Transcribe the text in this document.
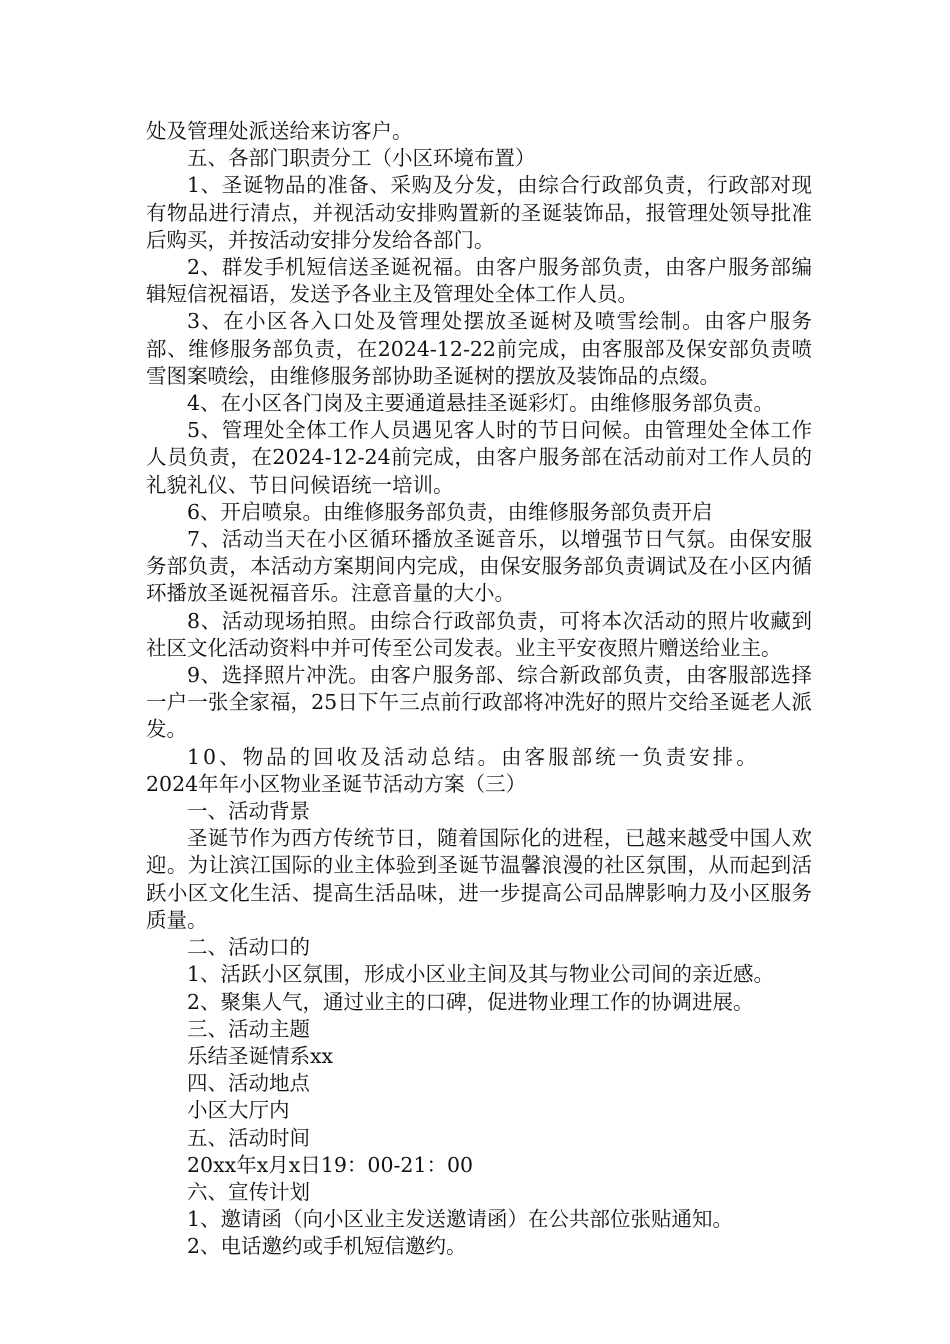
处及管理处派送给来访客户。

五、各部门职责分工（小区环境布置）

1、圣诞物品的准备、采购及分发，由综合行政部负责，行政部对现有物品进行清点，并视活动安排购置新的圣诞装饰品，报管理处领导批准后购买，并按活动安排分发给各部门。

2、群发手机短信送圣诞祝福。由客户服务部负责，由客户服务部编辑短信祝福语，发送予各业主及管理处全体工作人员。

3、在小区各入口处及管理处摆放圣诞树及喷雪绘制。由客户服务部、维修服务部负责，在2024-12-22前完成，由客服部及保安部负责喷雪图案喷绘，由维修服务部协助圣诞树的摆放及装饰品的点缀。

4、在小区各门岗及主要通道悬挂圣诞彩灯。由维修服务部负责。

5、管理处全体工作人员遇见客人时的节日问候。由管理处全体工作人员负责，在2024-12-24前完成，由客户服务部在活动前对工作人员的礼貌礼仪、节日问候语统一培训。

6、开启喷泉。由维修服务部负责，由维修服务部负责开启

7、活动当天在小区循环播放圣诞音乐，以增强节日气氛。由保安服务部负责，本活动方案期间内完成，由保安服务部负责调试及在小区内循环播放圣诞祝福音乐。注意音量的大小。

8、活动现场拍照。由综合行政部负责，可将本次活动的照片收藏到社区文化活动资料中并可传至公司发表。业主平安夜照片赠送给业主。

9、选择照片冲洗。由客户服务部、综合新政部负责，由客服部选择一户一张全家福，25日下午三点前行政部将冲洗好的照片交给圣诞老人派发。

10、物品的回收及活动总结。由客服部统一负责安排。

2024年年小区物业圣诞节活动方案（三）

一、活动背景

圣诞节作为西方传统节日，随着国际化的进程，已越来越受中国人欢迎。为让滨江国际的业主体验到圣诞节温馨浪漫的社区氛围，从而起到活跃小区文化生活、提高生活品味，进一步提高公司品牌影响力及小区服务质量。

二、活动口的

1、活跃小区氛围，形成小区业主间及其与物业公司间的亲近感。

2、聚集人气，通过业主的口碑，促进物业理工作的协调进展。

三、活动主题

乐结圣诞情系xx

四、活动地点

小区大厅内

五、活动时间

20xx年x月x日19：00-21：00

六、宣传计划

1、邀请函（向小区业主发送邀请函）在公共部位张贴通知。

2、电话邀约或手机短信邀约。
